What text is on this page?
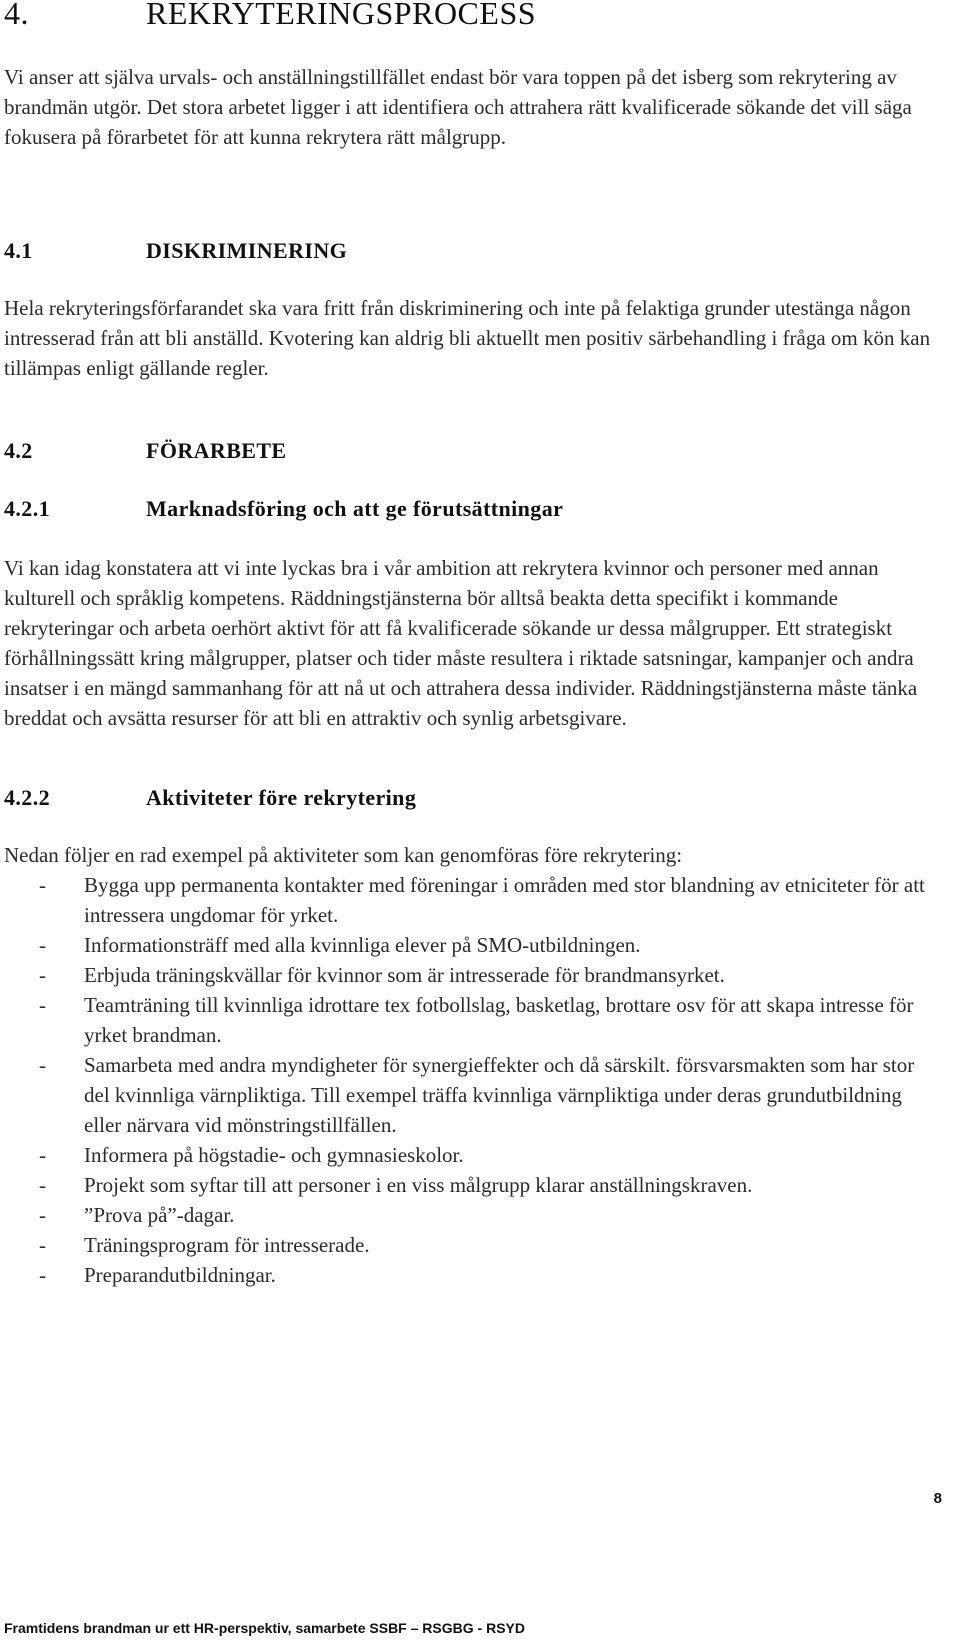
4.	REKRYTERINGSPROCESS

Vi anser att själva urvals- och anställningstillfället endast bör vara toppen på det isberg som rekrytering av brandmän utgör. Det stora arbetet ligger i att identifiera och attrahera rätt kvalificerade sökande det vill säga fokusera på förarbetet för att kunna rekrytera rätt målgrupp.

4.1	DISKRIMINERING

Hela rekryteringsförfarandet ska vara fritt från diskriminering och inte på felaktiga grunder utestänga någon intresserad från att bli anställd. Kvotering kan aldrig bli aktuellt men positiv särbehandling i fråga om kön kan tillämpas enligt gällande regler.

4.2	FÖRARBETE
4.2.1	Marknadsföring och att ge förutsättningar

Vi kan idag konstatera att vi inte lyckas bra i vår ambition att rekrytera kvinnor och personer med annan kulturell och språklig kompetens. Räddningstjänsterna bör alltså beakta detta specifikt i kommande rekryteringar och arbeta oerhört aktivt för att få kvalificerade sökande ur dessa målgrupper. Ett strategiskt förhållningssätt kring målgrupper, platser och tider måste resultera i riktade satsningar, kampanjer och andra insatser i en mängd sammanhang för att nå ut och attrahera dessa individer. Räddningstjänsterna måste tänka breddat och avsätta resurser för att bli en attraktiv och synlig arbetsgivare.

4.2.2	Aktiviteter före rekrytering

Nedan följer en rad exempel på aktiviteter som kan genomföras före rekrytering:

-	Bygga upp permanenta kontakter med föreningar i områden med stor blandning av etniciteter för att intressera ungdomar för yrket.
-	Informationsträff med alla kvinnliga elever på SMO-utbildningen.
-	Erbjuda träningskvällar för kvinnor som är intresserade för brandmansyrket.
-	Teamträning till kvinnliga idrottare tex fotbollslag, basketlag, brottare osv för att skapa intresse för yrket brandman.
-	Samarbeta med andra myndigheter för synergieffekter och då särskilt. försvarsmakten som har stor del kvinnliga värnpliktiga. Till exempel träffa kvinnliga värnpliktiga under deras grundutbildning eller närvara vid mönstringstillfällen.
-	Informera på högstadie- och gymnasieskolor.
-	Projekt som syftar till att personer i en viss målgrupp klarar anställningskraven.
-	”Prova på”-dagar.
-	Träningsprogram för intresserade.
-	Preparandutbildningar.
8
Framtidens brandman ur ett HR-perspektiv, samarbete SSBF – RSGBG - RSYD
